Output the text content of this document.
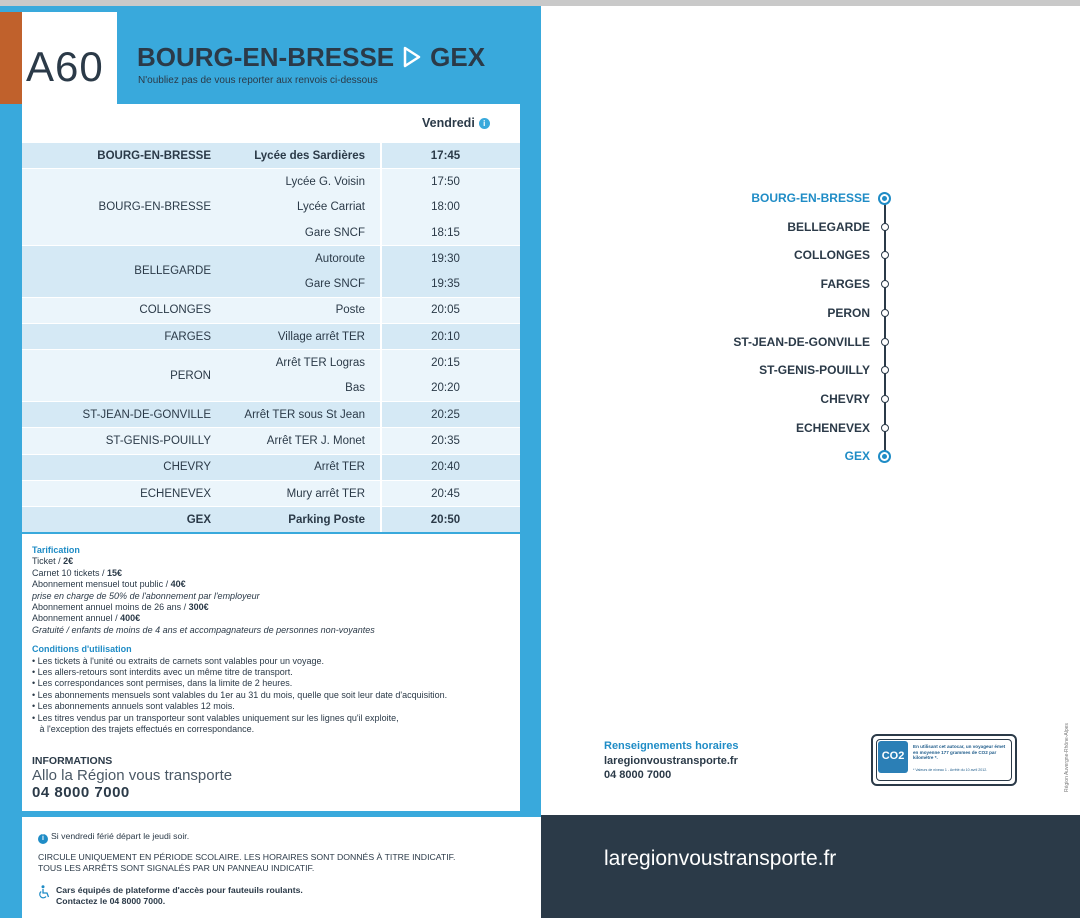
A60 BOURG-EN-BRESSE GEX
N'oubliez pas de vous reporter aux renvois ci-dessous
Vendredi	i
BOURG-EN-BRESSE	Lycée des Sardières	17:45
BOURG-EN-BRESSE
Lycée G. Voisin	17:50
Lycée Carriat	18:00
Gare SNCF	18:15
BELLEGARDE
Autoroute	19:30
Gare SNCF	19:35
COLLONGES	Poste	20:05
FARGES	Village arrêt TER	20:10
PERON
Arrêt TER Logras	20:15
Bas	20:20
ST-JEAN-DE-GONVILLE	Arrêt TER sous St Jean	20:25
ST-GENIS-POUILLY	Arrêt TER J. Monet	20:35
CHEVRY	Arrêt TER	20:40
ECHENEVEX	Mury arrêt TER	20:45
GEX	Parking Poste	20:50
Tarification
Ticket / 2€
Carnet 10 tickets / 15€
Abonnement mensuel tout public / 40€
prise en charge de 50% de l'abonnement par l'employeur
Abonnement annuel moins de 26 ans / 300€
Abonnement annuel / 400€
Gratuité / enfants de moins de 4 ans et accompagnateurs de personnes non-voyantes
Conditions d'utilisation
• Les tickets à l'unité ou extraits de carnets sont valables pour un voyage.
• Les allers-retours sont interdits avec un même titre de transport.
• Les correspondances sont permises, dans la limite de 2 heures.
• Les abonnements mensuels sont valables du 1er au 31 du mois, quelle que soit leur date d'acquisition.
• Les abonnements annuels sont valables 12 mois.
• Les titres vendus par un transporteur sont valables uniquement sur les lignes qu'il exploite,
à l'exception des trajets effectués en correspondance.
INFORMATIONS
Allo la Région vous transporte
04 8000 7000
i Si vendredi férié départ le jeudi soir.
CIRCULE UNIQUEMENT EN PÉRIODE SCOLAIRE. LES HORAIRES SONT DONNÉS À TITRE INDICATIF.
TOUS LES ARRÊTS SONT SIGNALÉS PAR UN PANNEAU INDICATIF.
Cars équipés de plateforme d'accès pour fauteuils roulants.
Contactez le 04 8000 7000.
BOURG-EN-BRESSE
BELLEGARDE
COLLONGES
FARGES
PERON
ST-JEAN-DE-GONVILLE
ST-GENIS-POUILLY
CHEVRY
ECHENEVEX
GEX
Renseignements horaires
laregionvoustransporte.fr
04 8000 7000
CO2
En utilisant cet autocar, un voyageur émet en moyenne 177 grammes de CO2 par kilomètre *.
* Valeurs de niveau 1 - Arrêté du 10 avril 2012.	Région Auvergne-Rhône-Alpes
laregionvoustransporte.fr
